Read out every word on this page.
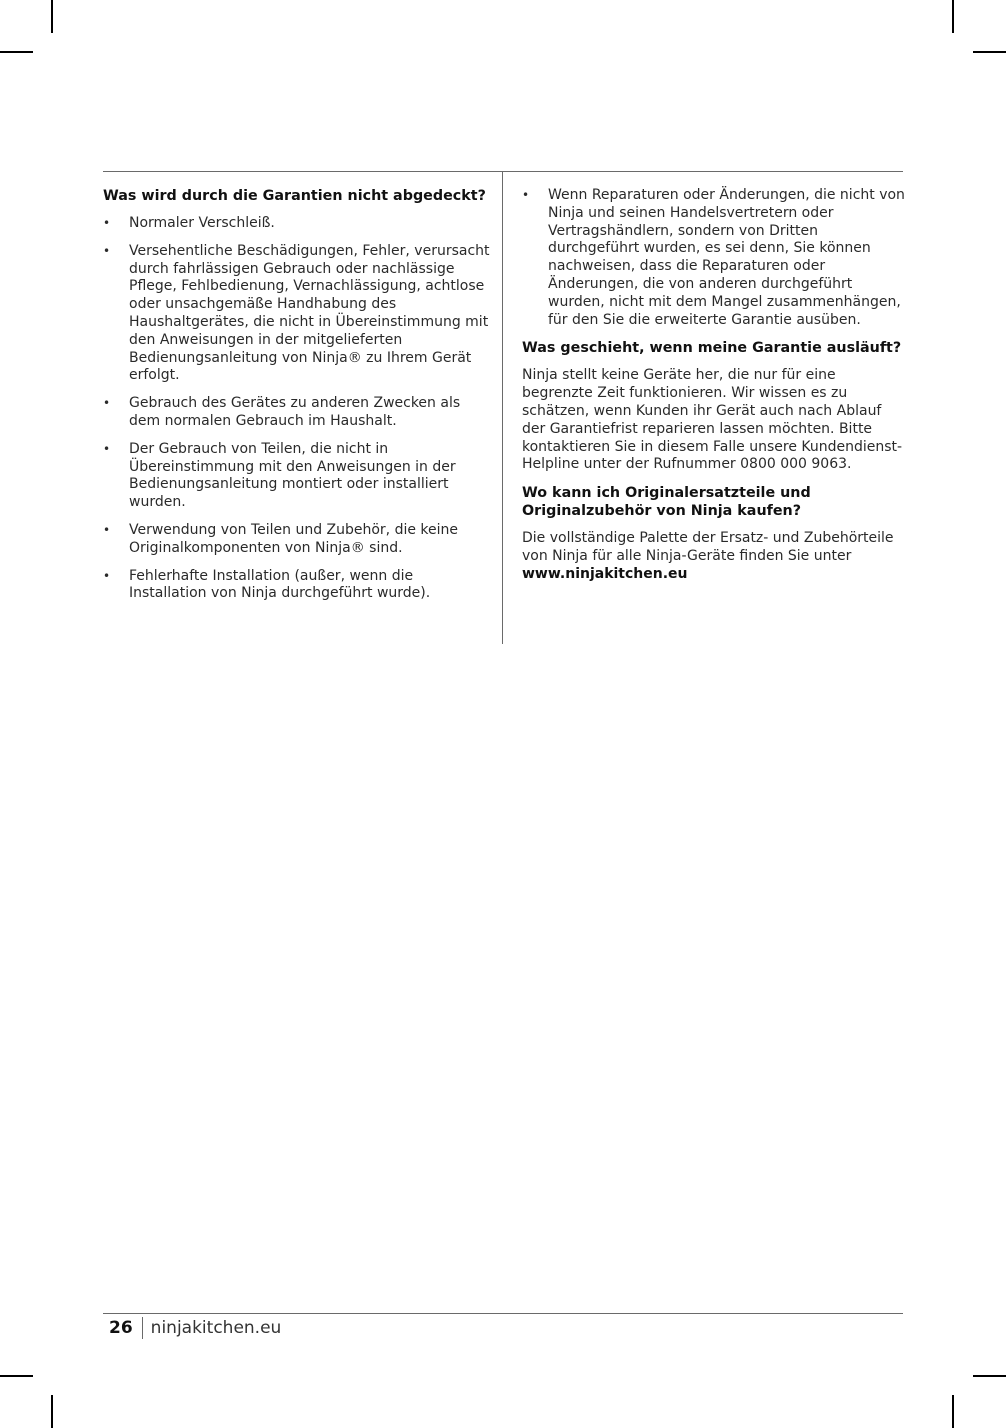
Was wird durch die Garantien nicht abgedeckt?
• Normaler Verschleiß.
• Versehentliche Beschädigungen, Fehler, verursacht durch fahrlässigen Gebrauch oder nachlässige Pflege, Fehlbedienung, Vernachlässigung, achtlose oder unsachgemäße Handhabung des Haushaltgerätes, die nicht in Übereinstimmung mit den Anweisungen in der mitgelieferten Bedienungsanleitung von Ninja® zu Ihrem Gerät erfolgt.
• Gebrauch des Gerätes zu anderen Zwecken als dem normalen Gebrauch im Haushalt.
• Der Gebrauch von Teilen, die nicht in Übereinstimmung mit den Anweisungen in der Bedienungsanleitung montiert oder installiert wurden.
• Verwendung von Teilen und Zubehör, die keine Originalkomponenten von Ninja® sind.
• Fehlerhafte Installation (außer, wenn die Installation von Ninja durchgeführt wurde).
• Wenn Reparaturen oder Änderungen, die nicht von Ninja und seinen Handelsvertretern oder Vertragshändlern, sondern von Dritten durchgeführt wurden, es sei denn, Sie können nachweisen, dass die Reparaturen oder Änderungen, die von anderen durchgeführt wurden, nicht mit dem Mangel zusammenhängen, für den Sie die erweiterte Garantie ausüben.
Was geschieht, wenn meine Garantie ausläuft?

Ninja stellt keine Geräte her, die nur für eine begrenzte Zeit funktionieren. Wir wissen es zu schätzen, wenn Kunden ihr Gerät auch nach Ablauf der Garantiefrist reparieren lassen möchten. Bitte kontaktieren Sie in diesem Falle unsere Kundendienst-Helpline unter der Rufnummer 0800 000 9063.

Wo kann ich Originalersatzteile und Originalzubehör von Ninja kaufen?

Die vollständige Palette der Ersatz- und Zubehörteile von Ninja für alle Ninja-Geräte finden Sie unter www.ninjakitchen.eu

26 ninjakitchen.eu
